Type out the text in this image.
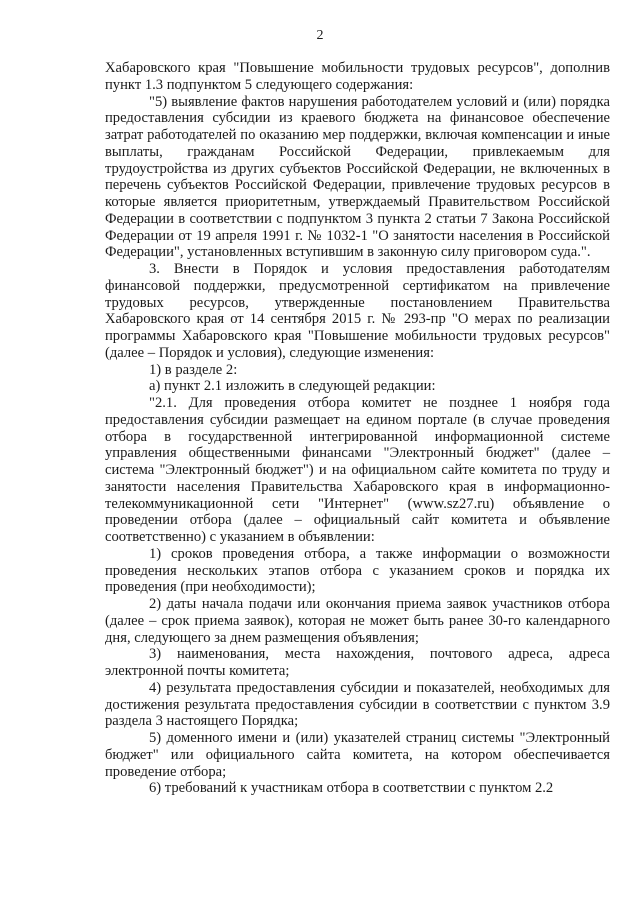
2

Хабаровского края "Повышение мобильности трудовых ресурсов", дополнив пункт 1.3 подпунктом 5 следующего содержания:

"5) выявление фактов нарушения работодателем условий и (или) порядка предоставления субсидии из краевого бюджета на финансовое обеспечение затрат работодателей по оказанию мер поддержки, включая компенсации и иные выплаты, гражданам Российской Федерации, привлекаемым для трудоустройства из других субъектов Российской Федерации, не включенных в перечень субъектов Российской Федерации, привлечение трудовых ресурсов в которые является приоритетным, утверждаемый Правительством Российской Федерации в соответствии с подпунктом 3 пункта 2 статьи 7 Закона Российской Федерации от 19 апреля 1991 г. № 1032-1 "О занятости населения в Российской Федерации", установленных вступившим в законную силу приговором суда.".

3. Внести в Порядок и условия предоставления работодателям финансовой поддержки, предусмотренной сертификатом на привлечение трудовых ресурсов, утвержденные постановлением Правительства Хабаровского края от 14 сентября 2015 г. № 293-пр "О мерах по реализации программы Хабаровского края "Повышение мобильности трудовых ресурсов" (далее – Порядок и условия), следующие изменения:

1) в разделе 2:

а) пункт 2.1 изложить в следующей редакции:

"2.1. Для проведения отбора комитет не позднее 1 ноября года предоставления субсидии размещает на едином портале (в случае проведения отбора в государственной интегрированной информационной системе управления общественными финансами "Электронный бюджет" (далее – система "Электронный бюджет") и на официальном сайте комитета по труду и занятости населения Правительства Хабаровского края в информационно-телекоммуникационной сети "Интернет" (www.sz27.ru) объявление о проведении отбора (далее – официальный сайт комитета и объявление соответственно) с указанием в объявлении:

1) сроков проведения отбора, а также информации о возможности проведения нескольких этапов отбора с указанием сроков и порядка их проведения (при необходимости);

2) даты начала подачи или окончания приема заявок участников отбора (далее – срок приема заявок), которая не может быть ранее 30-го календарного дня, следующего за днем размещения объявления;

3) наименования, места нахождения, почтового адреса, адреса электронной почты комитета;

4) результата предоставления субсидии и показателей, необходимых для достижения результата предоставления субсидии в соответствии с пунктом 3.9 раздела 3 настоящего Порядка;

5) доменного имени и (или) указателей страниц системы "Электронный бюджет" или официального сайта комитета, на котором обеспечивается проведение отбора;

6) требований к участникам отбора в соответствии с пунктом 2.2
